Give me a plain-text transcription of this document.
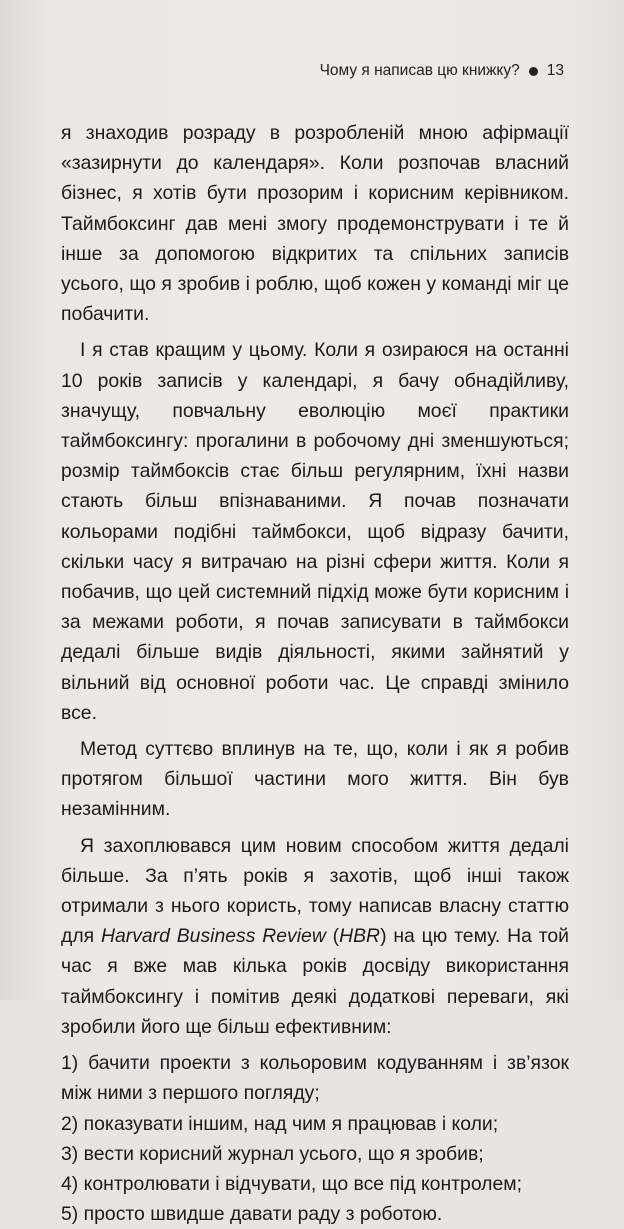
Чому я написав цю книжку? 13

я знаходив розраду в розробленій мною афірмації «зазирнути до календаря». Коли розпочав власний бізнес, я хотів бути прозорим і корисним керівником. Таймбоксинг дав мені змогу продемонструвати і те й інше за допомогою відкритих та спільних записів усього, що я зробив і роблю, щоб кожен у команді міг це побачити.

І я став кращим у цьому. Коли я озираюся на останні 10 років записів у календарі, я бачу обнадійливу, значущу, повчальну еволюцію моєї практики таймбоксингу: прогалини в робочому дні зменшуються; розмір таймбоксів стає більш регулярним, їхні назви стають більш впізнаваними. Я почав позначати кольорами подібні таймбокси, щоб відразу бачити, скільки часу я витрачаю на різні сфери життя. Коли я побачив, що цей системний підхід може бути корисним і за межами роботи, я почав записувати в таймбокси дедалі більше видів діяльності, якими зайнятий у вільний від основної роботи час. Це справді змінило все.

Метод суттєво вплинув на те, що, коли і як я робив протягом більшої частини мого життя. Він був незамінним.

Я захоплювався цим новим способом життя дедалі більше. За п’ять років я захотів, щоб інші також отримали з нього користь, тому написав власну статтю для Harvard Business Review (HBR) на цю тему. На той час я вже мав кілька років досвіду використання таймбоксингу і помітив деякі додаткові переваги, які зробили його ще більш ефективним:

1) бачити проекти з кольоровим кодуванням і зв’язок між ними з першого погляду;

2) показувати іншим, над чим я працював і коли;

3) вести корисний журнал усього, що я зробив;

4) контролювати і відчувати, що все під контролем;

5) просто швидше давати раду з роботою.
